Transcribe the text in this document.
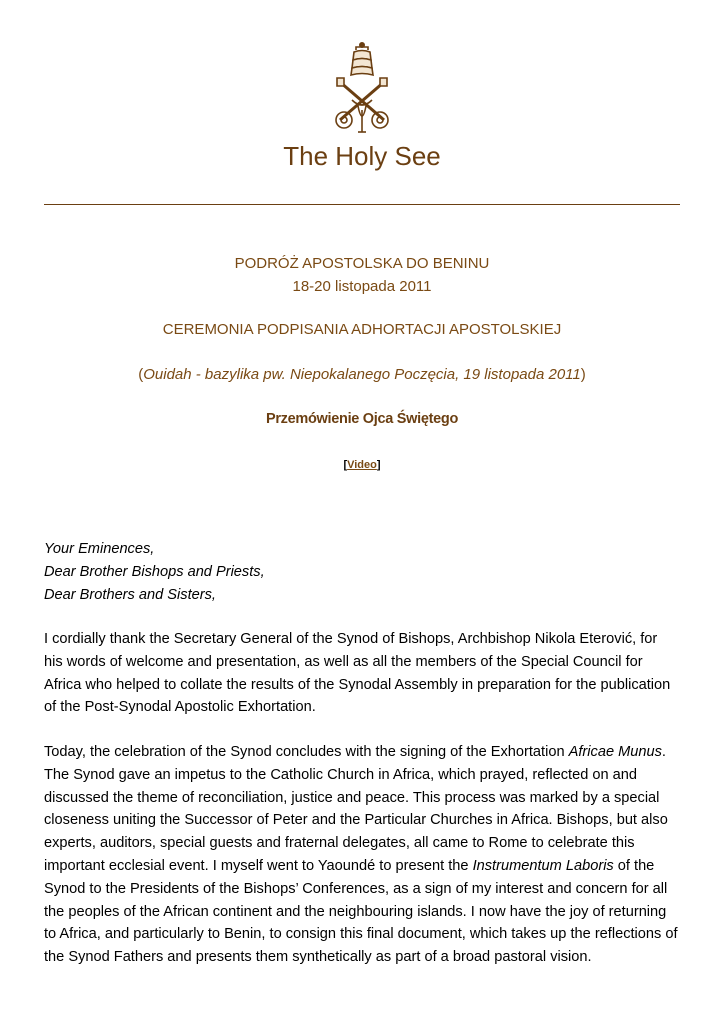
The Holy See
PODRÓŻ APOSTOLSKA DO BENINU
18-20 listopada 2011
CEREMONIA PODPISANIA ADHORTACJI APOSTOLSKIEJ
(Ouidah - bazylika pw. Niepokalanego Poczęcia, 19 listopada 2011)
Przemówienie Ojca Świętego
[Video]
Your Eminences,
Dear Brother Bishops and Priests,
Dear Brothers and Sisters,
I cordially thank the Secretary General of the Synod of Bishops, Archbishop Nikola Eterović, for
his words of welcome and presentation, as well as all the members of the Special Council for
Africa who helped to collate the results of the Synodal Assembly in preparation for the publication
of the Post-Synodal Apostolic Exhortation.
Today, the celebration of the Synod concludes with the signing of the Exhortation Africae Munus.
The Synod gave an impetus to the Catholic Church in Africa, which prayed, reflected on and
discussed the theme of reconciliation, justice and peace. This process was marked by a special
closeness uniting the Successor of Peter and the Particular Churches in Africa. Bishops, but also
experts, auditors, special guests and fraternal delegates, all came to Rome to celebrate this
important ecclesial event. I myself went to Yaoundé to present the Instrumentum Laboris of the
Synod to the Presidents of the Bishops’ Conferences, as a sign of my interest and concern for all
the peoples of the African continent and the neighbouring islands. I now have the joy of returning
to Africa, and particularly to Benin, to consign this final document, which takes up the reflections of
the Synod Fathers and presents them synthetically as part of a broad pastoral vision.
